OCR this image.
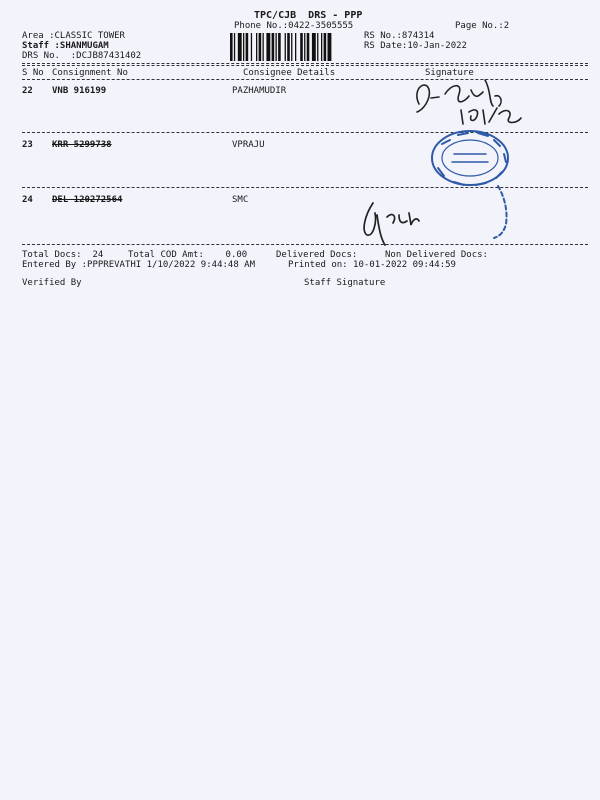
TPC/CJB  DRS - PPP
Phone No.:0422-3505555	Page No.:2
Area :CLASSIC TOWER
Staff :SHANMUGAM
DRS No.  :DCJB87431402
RS No.:874314
RS Date:10-Jan-2022
S No Consignment No	Consignee Details	Signature
22 VNB 916199	PAZHAMUDIR
23 KRR 5299738	VPRAJU
24 DEL 120272564	SMC
Total Docs:  24	Total COD Amt:    0.00	Delivered Docs:	Non Delivered Docs:
Entered By :PPPREVATHI 1/10/2022 9:44:48 AM	Printed on: 10-01-2022 09:44:59
Verified By	Staff Signature
